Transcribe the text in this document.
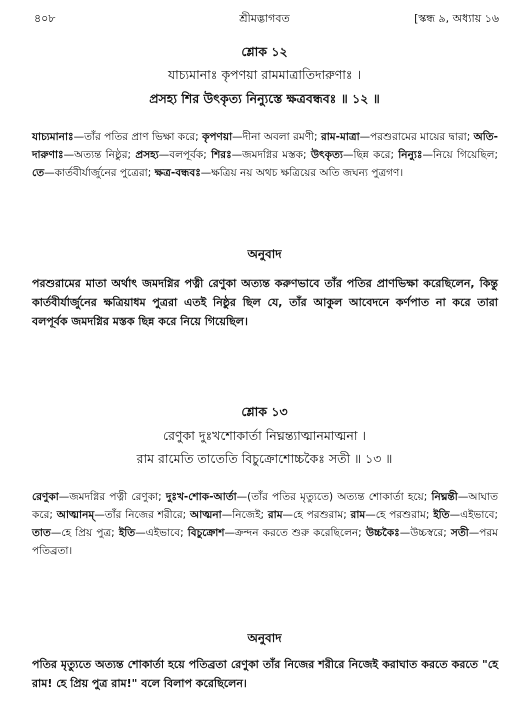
৪০৮	শ্রীমদ্ভাগবত	[স্কন্ধ ৯, অধ্যায় ১৬
শ্লোক ১২
যাচ্যমানাঃ কৃপণয়া রামমাত্রাতিদারুণাঃ ।
প্রসহ্য শির উৎকৃত্য নিন্যুস্তে ক্ষত্রবন্ধবঃ ॥ ১২ ॥
যাচ্যমানাঃ—তাঁর পতির প্রাণ ভিক্ষা করে; কৃপণয়া—দীনা অবলা রমণী; রাম-মাত্রা—পরশুরামের মায়ের দ্বারা; অতি-দারুণাঃ—অত্যন্ত নিষ্ঠুর; প্রসহ্য—বলপূর্বক; শিরঃ—জমদগ্নির মস্তক; উৎকৃত্য—ছিন্ন করে; নিন্যুঃ—নিয়ে গিয়েছিল; তে—কার্তবীর্যার্জুনের পুত্রেরা; ক্ষত্র-বন্ধবঃ—ক্ষত্রিয় নয় অথচ ক্ষত্রিয়ের অতি জঘন্য পুত্রগণ।
অনুবাদ
পরশুরামের মাতা অর্থাৎ জমদগ্নির পত্নী রেণুকা অত্যন্ত করুণভাবে তাঁর পতির প্রাণভিক্ষা করেছিলেন, কিন্তু কার্তবীর্যার্জুনের ক্ষত্রিয়াধম পুত্ররা এতই নিষ্ঠুর ছিল যে, তাঁর আকুল আবেদনে কর্ণপাত না করে তারা বলপূর্বক জমদগ্নির মস্তক ছিন্ন করে নিয়ে গিয়েছিল।
শ্লোক ১৩
রেণুকা দুঃখশোকার্তা নিঘ্নন্ত্যাত্মানমাত্মনা ।
রাম রামেতি তাতেতি বিচুক্রোশোচ্চকৈঃ সতী ॥ ১৩ ॥
রেণুকা—জমদগ্নির পত্নী রেণুকা; দুঃখ-শোক-আর্তা—(তাঁর পতির মৃত্যুতে) অত্যন্ত শোকার্তা হয়ে; নিঘ্নন্তী—আঘাত করে; আত্মানম্—তাঁর নিজের শরীরে; আত্মনা—নিজেই; রাম—হে পরশুরাম; রাম—হে পরশুরাম; ইতি—এইভাবে; তাত—হে প্রিয় পুত্র; ইতি—এইভাবে; বিচুক্রোশ—ক্রন্দন করতে শুরু করেছিলেন; উচ্চকৈঃ—উচ্চস্বরে; সতী—পরম পতিব্রতা।
অনুবাদ
পতির মৃত্যুতে অত্যন্ত শোকার্তা হয়ে পতিব্রতা রেণুকা তাঁর নিজের শরীরে নিজেই করাঘাত করতে করতে "হে রাম! হে প্রিয় পুত্র রাম!" বলে বিলাপ করেছিলেন।
